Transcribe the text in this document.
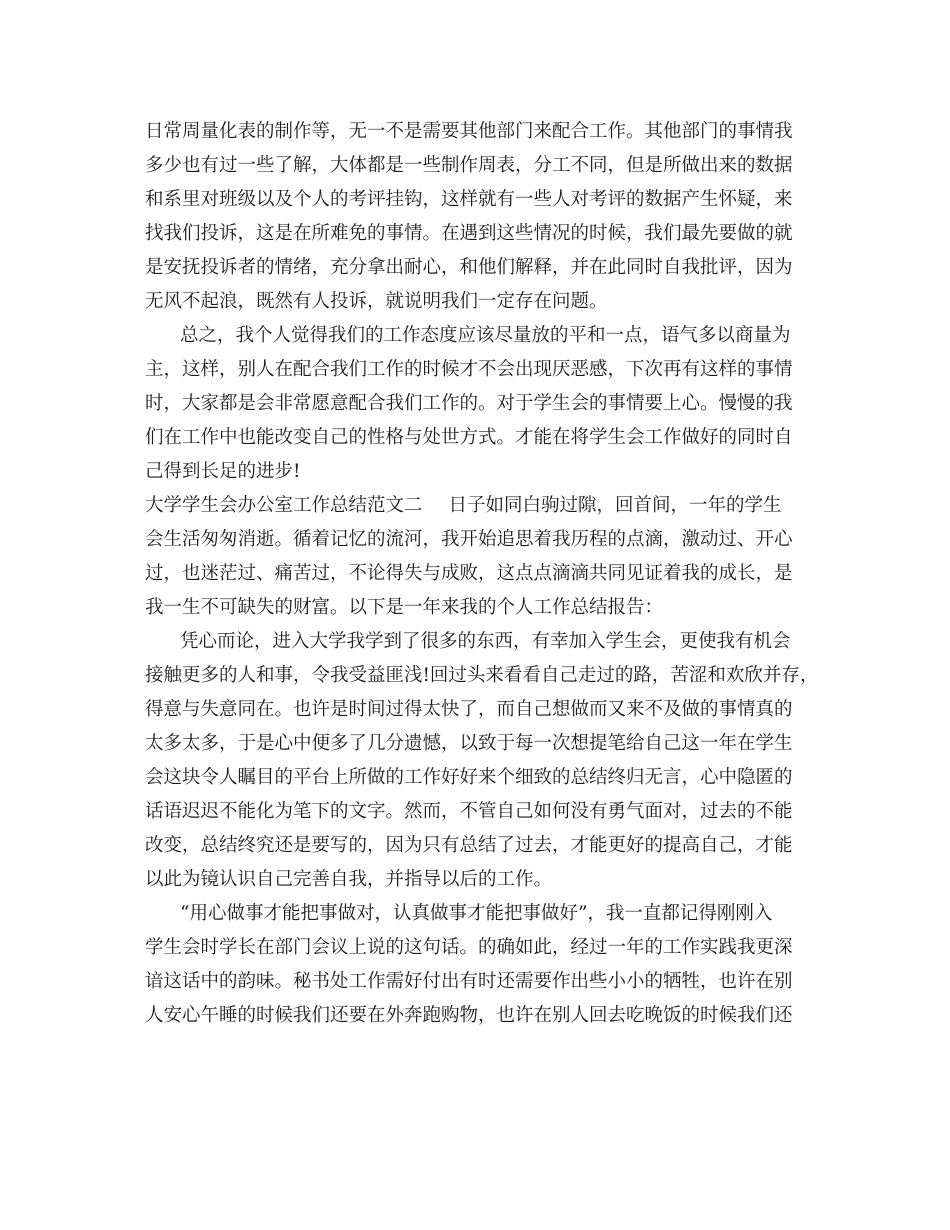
日常周量化表的制作等，无一不是需要其他部门来配合工作。其他部门的事情我
多少也有过一些了解，大体都是一些制作周表，分工不同，但是所做出来的数据
和系里对班级以及个人的考评挂钩，这样就有一些人对考评的数据产生怀疑，来
找我们投诉，这是在所难免的事情。在遇到这些情况的时候，我们最先要做的就
是安抚投诉者的情绪，充分拿出耐心，和他们解释，并在此同时自我批评，因为
无风不起浪，既然有人投诉，就说明我们一定存在问题。
总之，我个人觉得我们的工作态度应该尽量放的平和一点，语气多以商量为
主，这样，别人在配合我们工作的时候才不会出现厌恶感，下次再有这样的事情
时，大家都是会非常愿意配合我们工作的。对于学生会的事情要上心。慢慢的我
们在工作中也能改变自己的性格与处世方式。才能在将学生会工作做好的同时自
己得到长足的进步!
大学学生会办公室工作总结范文二 日子如同白驹过隙，回首间，一年的学生
会生活匆匆消逝。循着记忆的流河，我开始追思着我历程的点滴，激动过、开心
过，也迷茫过、痛苦过，不论得失与成败，这点点滴滴共同见证着我的成长，是
我一生不可缺失的财富。以下是一年来我的个人工作总结报告：
凭心而论，进入大学我学到了很多的东西，有幸加入学生会，更使我有机会
接触更多的人和事，令我受益匪浅!回过头来看看自己走过的路，苦涩和欢欣并存，
得意与失意同在。也许是时间过得太快了，而自己想做而又来不及做的事情真的
太多太多，于是心中便多了几分遗憾，以致于每一次想提笔给自己这一年在学生
会这块令人瞩目的平台上所做的工作好好来个细致的总结终归无言，心中隐匿的
话语迟迟不能化为笔下的文字。然而，不管自己如何没有勇气面对，过去的不能
改变，总结终究还是要写的，因为只有总结了过去，才能更好的提高自己，才能
以此为镜认识自己完善自我，并指导以后的工作。
“用心做事才能把事做对，认真做事才能把事做好”，我一直都记得刚刚入
学生会时学长在部门会议上说的这句话。的确如此，经过一年的工作实践我更深
谙这话中的韵味。秘书处工作需好付出有时还需要作出些小小的牺牲，也许在别
人安心午睡的时候我们还要在外奔跑购物，也许在别人回去吃晚饭的时候我们还
